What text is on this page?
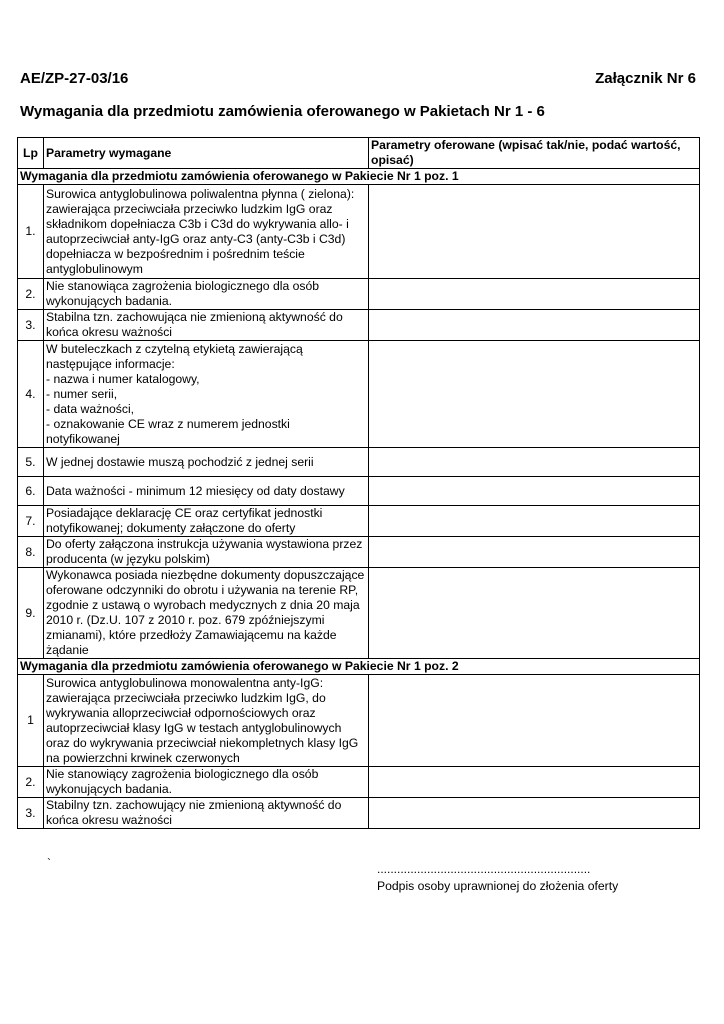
AE/ZP-27-03/16	Załącznik Nr 6
Wymagania dla przedmiotu zamówienia oferowanego w Pakietach Nr 1 - 6
Lp	Parametry wymagane	Parametry oferowane (wpisać tak/nie, podać wartość, opisać)
Wymagania dla przedmiotu zamówienia oferowanego w Pakiecie Nr 1 poz. 1		
1.	Surowica antyglobulinowa poliwalentna płynna ( zielona): zawierająca przeciwciała przeciwko ludzkim IgG oraz składnikom dopełniacza C3b i C3d do wykrywania allo- i autoprzeciwciał anty-IgG oraz anty-C3 (anty-C3b i C3d) dopełniacza w bezpośrednim i pośrednim teście antyglobulinowym	
2.	Nie stanowiąca zagrożenia biologicznego dla osób wykonujących badania.	
3.	Stabilna tzn. zachowująca nie zmienioną aktywność do końca okresu ważności	
4.	W buteleczkach z czytelną etykietą zawierającą następujące informacje:
- nazwa i numer katalogowy,
- numer serii,
- data ważności,
- oznakowanie CE wraz z numerem jednostki notyfikowanej	
5.	W jednej dostawie muszą pochodzić z jednej serii	
6.	Data ważności - minimum 12 miesięcy od daty dostawy	
7.	Posiadające deklarację CE oraz certyfikat jednostki notyfikowanej; dokumenty załączone do oferty	
8.	Do oferty załączona instrukcja używania wystawiona przez producenta (w języku polskim)	
9.	Wykonawca posiada niezbędne dokumenty dopuszczające oferowane odczynniki do obrotu i używania na terenie RP, zgodnie z ustawą o wyrobach medycznych z dnia 20 maja 2010 r. (Dz.U. 107 z 2010 r. poz. 679 zpóźniejszymi zmianami), które przedłoży Zamawiającemu na każde żądanie	
Wymagania dla przedmiotu zamówienia oferowanego w Pakiecie Nr 1 poz. 2		
1	Surowica antyglobulinowa monowalentna anty-IgG: zawierająca przeciwciała przeciwko ludzkim IgG, do wykrywania alloprzeciwciał odpornościowych oraz autoprzeciwciał klasy IgG w testach antyglobulinowych oraz do wykrywania przeciwciał niekompletnych klasy IgG na powierzchni krwinek czerwonych	
2.	Nie stanowiący zagrożenia biologicznego dla osób wykonujących badania.	
3.	Stabilny tzn. zachowujący nie zmienioną aktywność do końca okresu ważności	
`	................................................................
Podpis osoby uprawnionej do złożenia oferty
